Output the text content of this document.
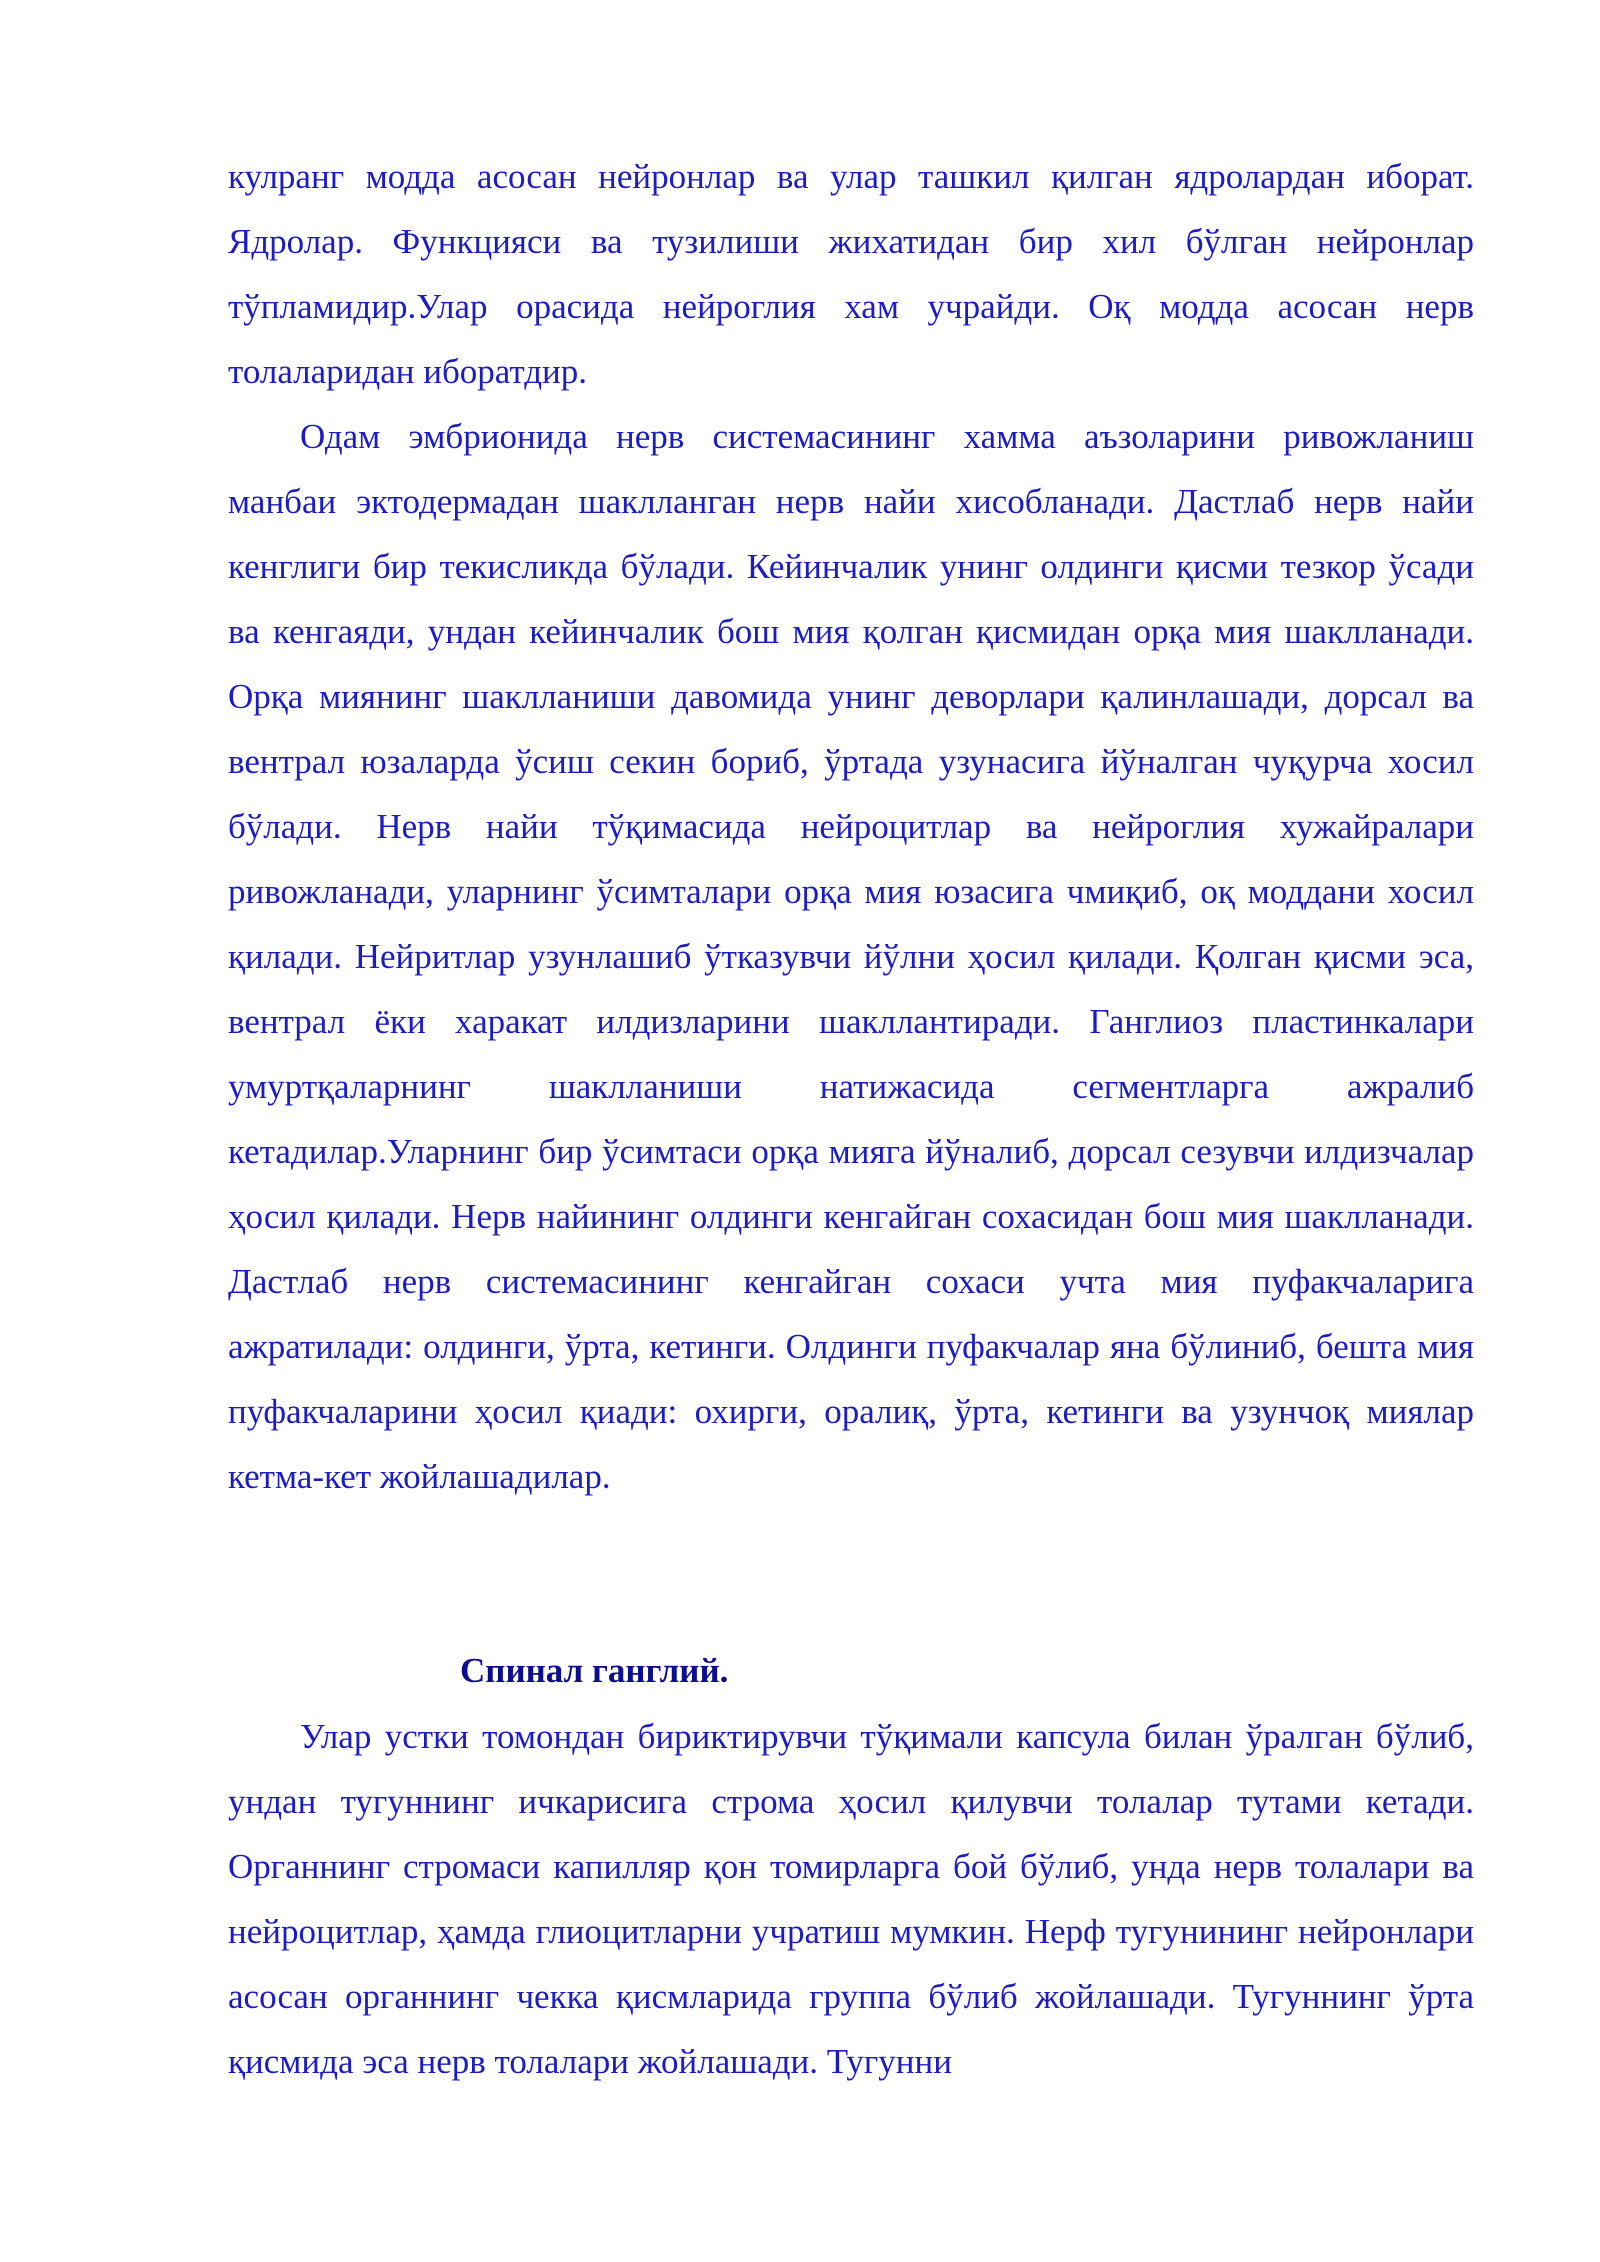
кулранг модда асосан нейронлар ва улар ташкил қилган ядролардан иборат. Ядролар. Функцияси ва тузилиши жихатидан бир хил бўлган нейронлар тўпламидир.Улар орасида нейроглия хам учрайди. Оқ модда асосан нерв толаларидан иборатдир.

Одам эмбрионида нерв системасининг хамма аъзоларини ривожланиш манбаи эктодермадан шаклланган нерв найи хисобланади. Дастлаб нерв найи кенглиги бир текисликда бўлади. Кейинчалик унинг олдинги қисми тезкор ўсади ва кенгаяди, ундан кейинчалик бош мия қолган қисмидан орқа мия шаклланади. Орқа миянинг шаклланиши давомида унинг деворлари қалинлашади, дорсал ва вентрал юзаларда ўсиш секин бориб, ўртада узунасига йўналган чуқурча хосил бўлади. Нерв найи тўқимасида нейроцитлар ва нейроглия хужайралари ривожланади, уларнинг ўсимталари орқа мия юзасига чмиқиб, оқ моддани хосил қилади. Нейритлар узунлашиб ўтказувчи йўлни ҳосил қилади. Қолган қисми эса, вентрал ёки харакат илдизларини шакллантиради. Ганглиоз пластинкалари умуртқаларнинг шаклланиши натижасида сегментларга ажралиб кетадилар.Уларнинг бир ўсимтаси орқа мияга йўналиб, дорсал сезувчи илдизчалар ҳосил қилади. Нерв найининг олдинги кенгайган сохасидан бош мия шаклланади. Дастлаб нерв системасининг кенгайган сохаси учта мия пуфакчаларига ажратилади: олдинги, ўрта, кетинги. Олдинги пуфакчалар яна бўлиниб, бешта мия пуфакчаларини ҳосил қиади: охирги, оралиқ, ўрта, кетинги ва узунчоқ миялар кетма-кет жойлашадилар.

Спинал ганглий.

Улар устки томондан бириктирувчи тўқимали капсула билан ўралган бўлиб, ундан тугуннинг ичкарисига строма ҳосил қилувчи толалар тутами кетади. Органнинг стромаси капилляр қон томирларга бой бўлиб, унда нерв толалари ва нейроцитлар, ҳамда глиоцитларни учратиш мумкин. Нерф тугунининг нейронлари асосан органнинг чекка қисмларида группа бўлиб жойлашади. Тугуннинг ўрта қисмида эса нерв толалари жойлашади. Тугунни
